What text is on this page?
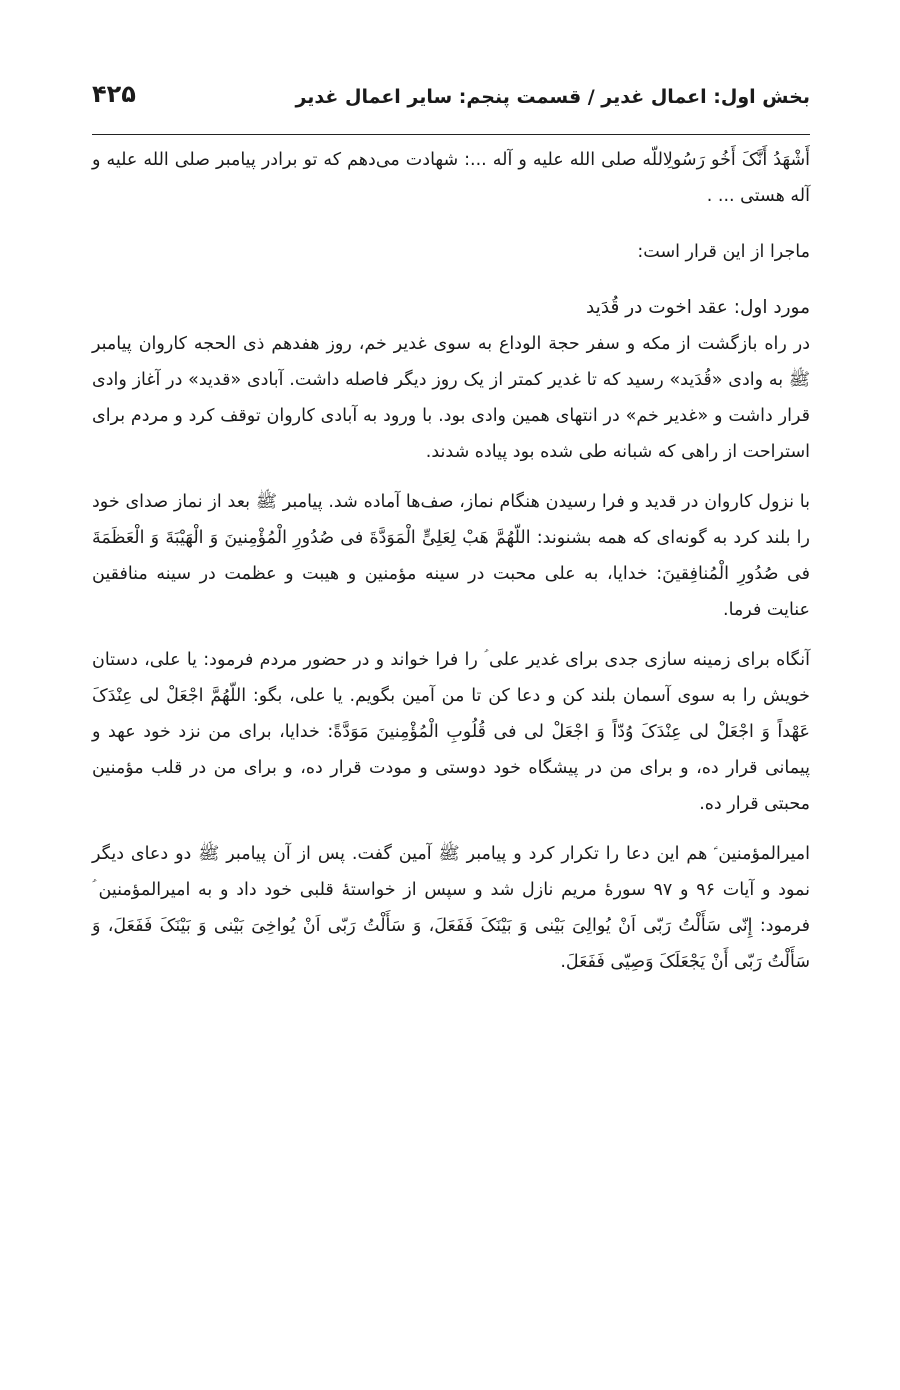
بخش اول: اعمال غدیر / قسمت پنجم: سایر اعمال غدیر
۴۲۵

أَشْهَدُ أَنَّکَ أَخُو رَسُولِاللّه صلی الله علیه و آله ...: شهادت می‌دهم که تو برادر پیامبر صلی الله علیه و آله هستی ... .

ماجرا از این قرار است:

مورد اول: عقد اخوت در قُدَید

در راه بازگشت از مکه و سفر حجة الوداع به سوی غدیر خم، روز هفدهم ذی الحجه کاروان پیامبر ﷺ به وادی «قُدَید» رسید که تا غدیر کمتر از یک روز دیگر فاصله داشت. آبادی «قدید» در آغاز وادی قرار داشت و «غدیر خم» در انتهای همین وادی بود. با ورود به آبادی کاروان توقف کرد و مردم برای استراحت از راهی که شبانه طی شده بود پیاده شدند.

با نزول کاروان در قدید و فرا رسیدن هنگام نماز، صف‌ها آماده شد. پیامبر ﷺ بعد از نماز صدای خود را بلند کرد به گونه‌ای که همه بشنوند: اللّهُمَّ هَبْ لِعَلِیٍّ الْمَوَدَّةَ فی صُدُورِ الْمُؤْمِنینَ وَ الْهَیْبَةَ وَ الْعَظَمَةَ فی صُدُورِ الْمُنافِقینَ: خدایا، به علی محبت در سینه مؤمنین و هیبت و عظمت در سینه منافقین عنایت فرما.

آنگاه برای زمینه سازی جدی برای غدیر علی ؑ را فرا خواند و در حضور مردم فرمود: یا علی، دستان خویش را به سوی آسمان بلند کن و دعا کن تا من آمین بگویم. یا علی، بگو: اللّهُمَّ اجْعَلْ لی عِنْدَکَ عَهْداً وَ اجْعَلْ لی عِنْدَکَ وُدّاً وَ اجْعَلْ لی فی قُلُوبِ الْمُؤْمِنینَ مَوَدَّةً: خدایا، برای من نزد خود عهد و پیمانی قرار ده، و برای من در پیشگاه خود دوستی و مودت قرار ده، و برای من در قلب مؤمنین محبتی قرار ده.

امیرالمؤمنین ؑ هم این دعا را تکرار کرد و پیامبر ﷺ آمین گفت. پس از آن پیامبر ﷺ دو دعای دیگر نمود و آیات ۹۶ و ۹۷ سورهٔ مریم نازل شد و سپس از خواستهٔ قلبی خود داد و به امیرالمؤمنین ؑ فرمود: إِنّی سَأَلْتُ رَبّی اَنْ یُوالِیَ بَیْنی وَ بَیْنَکَ فَفَعَلَ، وَ سَأَلْتُ رَبّی اَنْ یُواخِیَ بَیْنی وَ بَیْنَکَ فَفَعَلَ، وَ سَأَلْتُ رَبّی أَنْ یَجْعَلَکَ وَصِیّی فَفَعَلَ.
